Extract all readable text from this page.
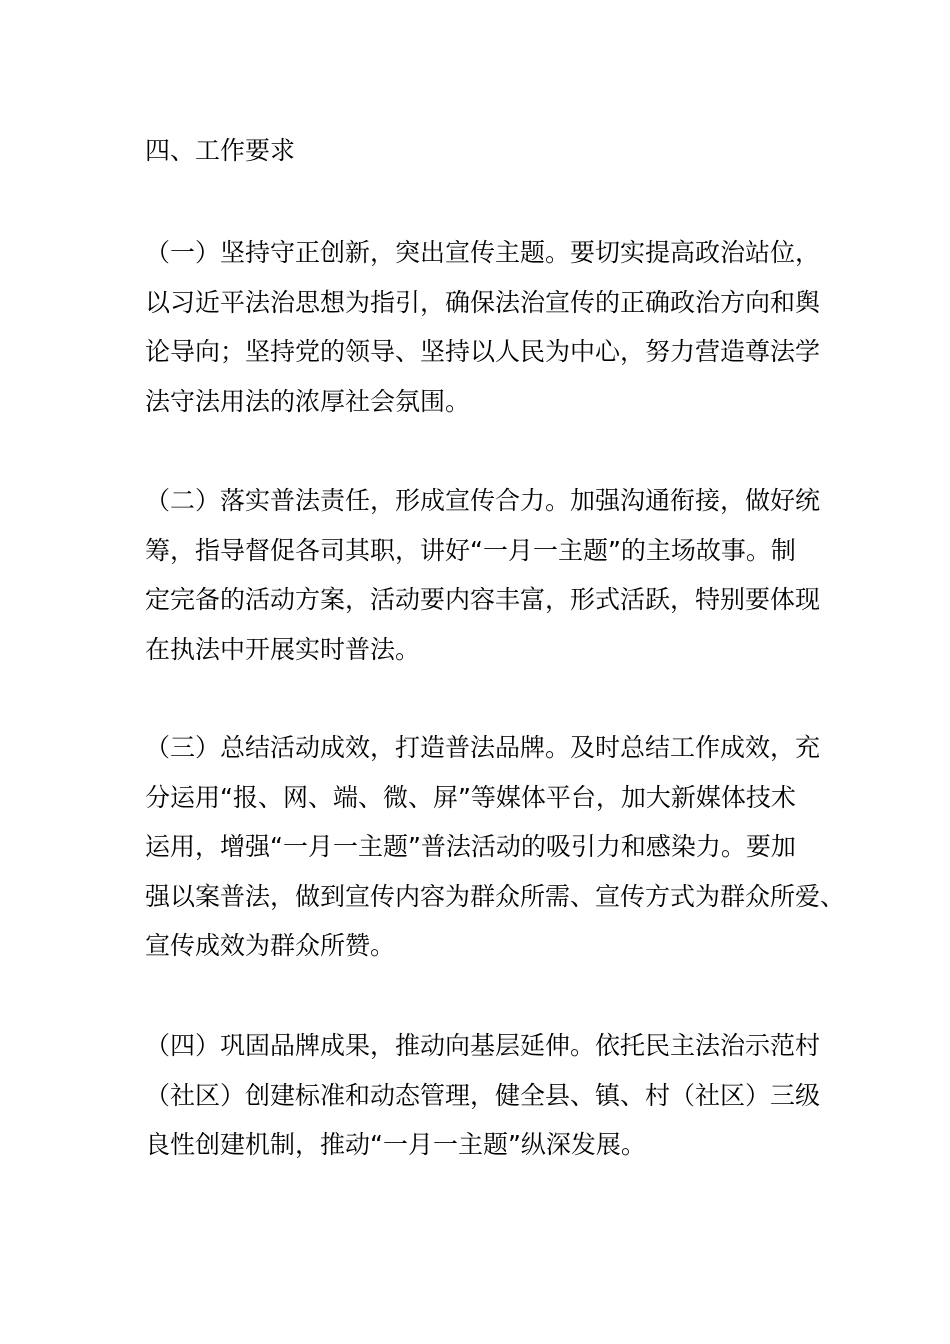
四、工作要求

（一）坚持守正创新，突出宣传主题。要切实提高政治站位，
以习近平法治思想为指引，确保法治宣传的正确政治方向和舆
论导向；坚持党的领导、坚持以人民为中心，努力营造尊法学
法守法用法的浓厚社会氛围。

（二）落实普法责任，形成宣传合力。加强沟通衔接，做好统
筹，指导督促各司其职，讲好“一月一主题”的主场故事。制
定完备的活动方案，活动要内容丰富，形式活跃，特别要体现
在执法中开展实时普法。

（三）总结活动成效，打造普法品牌。及时总结工作成效，充
分运用“报、网、端、微、屏”等媒体平台，加大新媒体技术
运用，增强“一月一主题”普法活动的吸引力和感染力。要加
强以案普法，做到宣传内容为群众所需、宣传方式为群众所爱、
宣传成效为群众所赞。

（四）巩固品牌成果，推动向基层延伸。依托民主法治示范村
（社区）创建标准和动态管理，健全县、镇、村（社区）三级
良性创建机制，推动“一月一主题”纵深发展。
